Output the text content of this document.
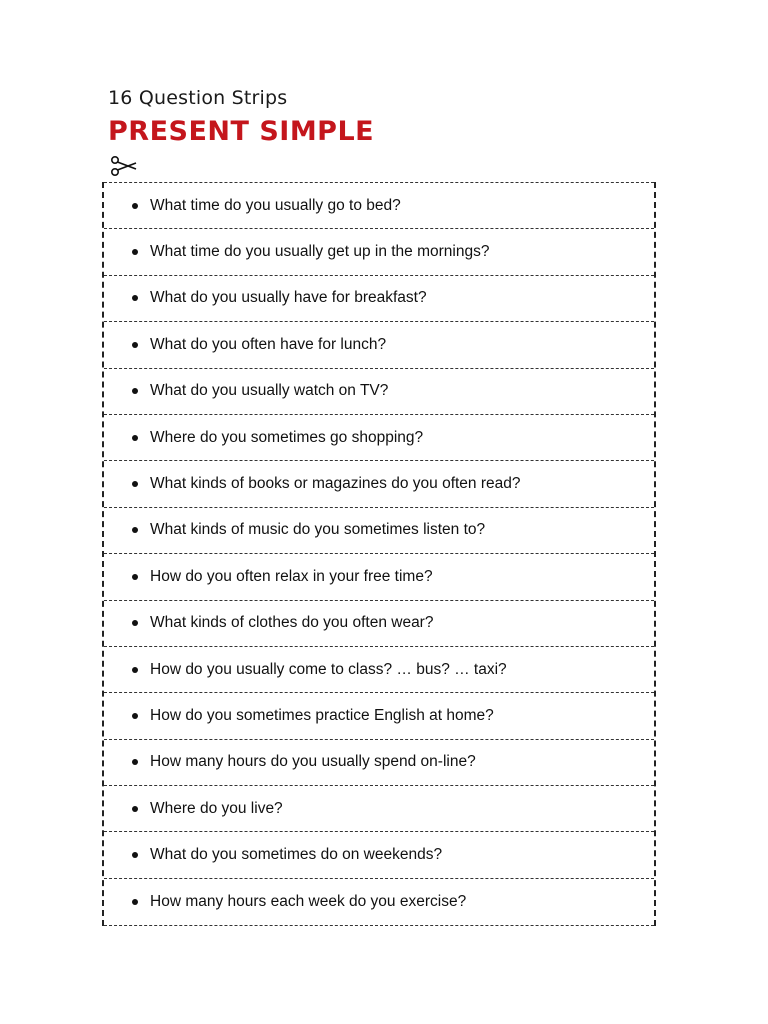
16 Question Strips
PRESENT SIMPLE
What time do you usually go to bed?
What time do you usually get up in the mornings?
What do you usually have for breakfast?
What do you often have for lunch?
What do you usually watch on TV?
Where do you sometimes go shopping?
What kinds of books or magazines do you often read?
What kinds of music do you sometimes listen to?
How do you often relax in your free time?
What kinds of clothes do you often wear?
How do you usually come to class? … bus? … taxi?
How do you sometimes practice English at home?
How many hours do you usually spend on-line?
Where do you live?
What do you sometimes do on weekends?
How many hours each week do you exercise?
